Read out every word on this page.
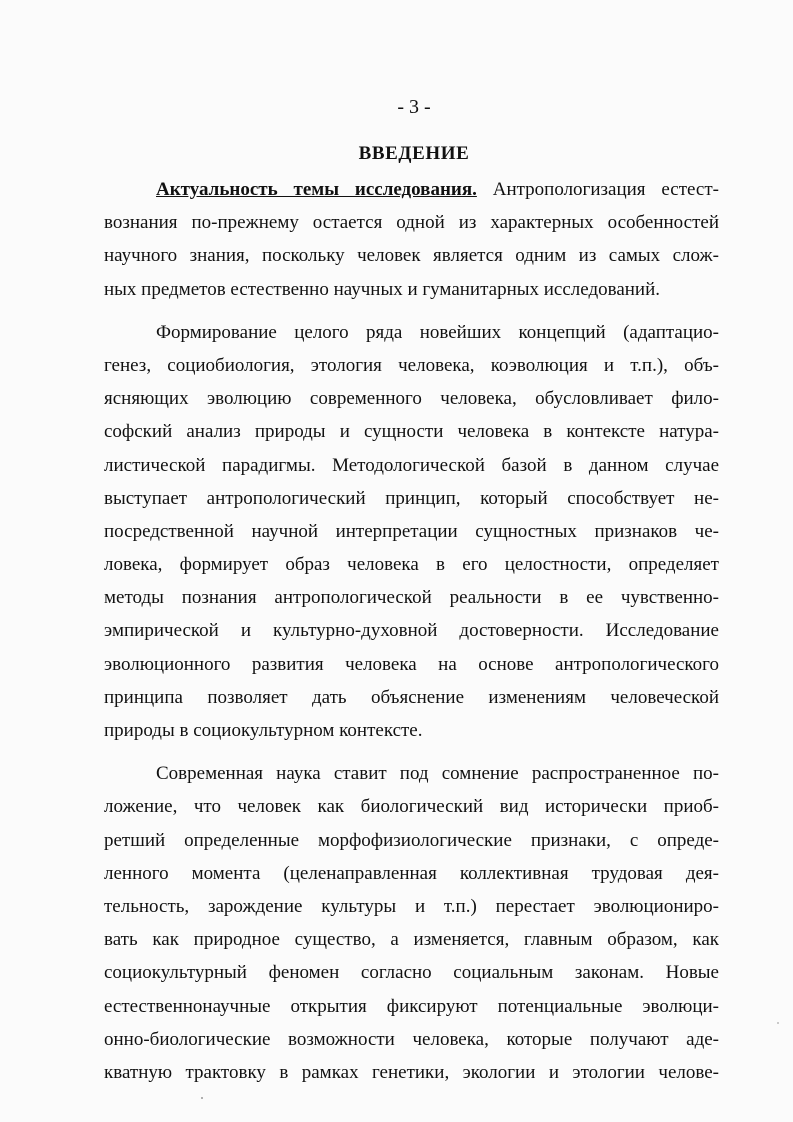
- 3 -
ВВЕДЕНИЕ
Актуальность темы исследования. Антропологизация естест-
вознания по-прежнему остается одной из характерных особенностей
научного знания, поскольку человек является одним из самых слож-
ных предметов естественно научных и гуманитарных исследований.
Формирование целого ряда новейших концепций (адаптацио-
генез, социобиология, этология человека, коэволюция и т.п.), объ-
ясняющих эволюцию современного человека, обусловливает фило-
софский анализ природы и сущности человека в контексте натура-
листической парадигмы. Методологической базой в данном случае
выступает антропологический принцип, который способствует не-
посредственной научной интерпретации сущностных признаков че-
ловека, формирует образ человека в его целостности, определяет
методы познания антропологической реальности в ее чувственно-
эмпирической и культурно-духовной достоверности. Исследование
эволюционного развития человека на основе антропологического
принципа позволяет дать объяснение изменениям человеческой
природы в социокультурном контексте.
Современная наука ставит под сомнение распространенное по-
ложение, что человек как биологический вид исторически приоб-
ретший определенные морфофизиологические признаки, с опреде-
ленного момента (целенаправленная коллективная трудовая дея-
тельность, зарождение культуры и т.п.) перестает эволюциониро-
вать как природное существо, а изменяется, главным образом, как
социокультурный феномен согласно социальным законам. Новые
естественнонаучные открытия фиксируют потенциальные эволюци-
онно-биологические возможности человека, которые получают аде-
кватную трактовку в рамках генетики, экологии и этологии челове-
